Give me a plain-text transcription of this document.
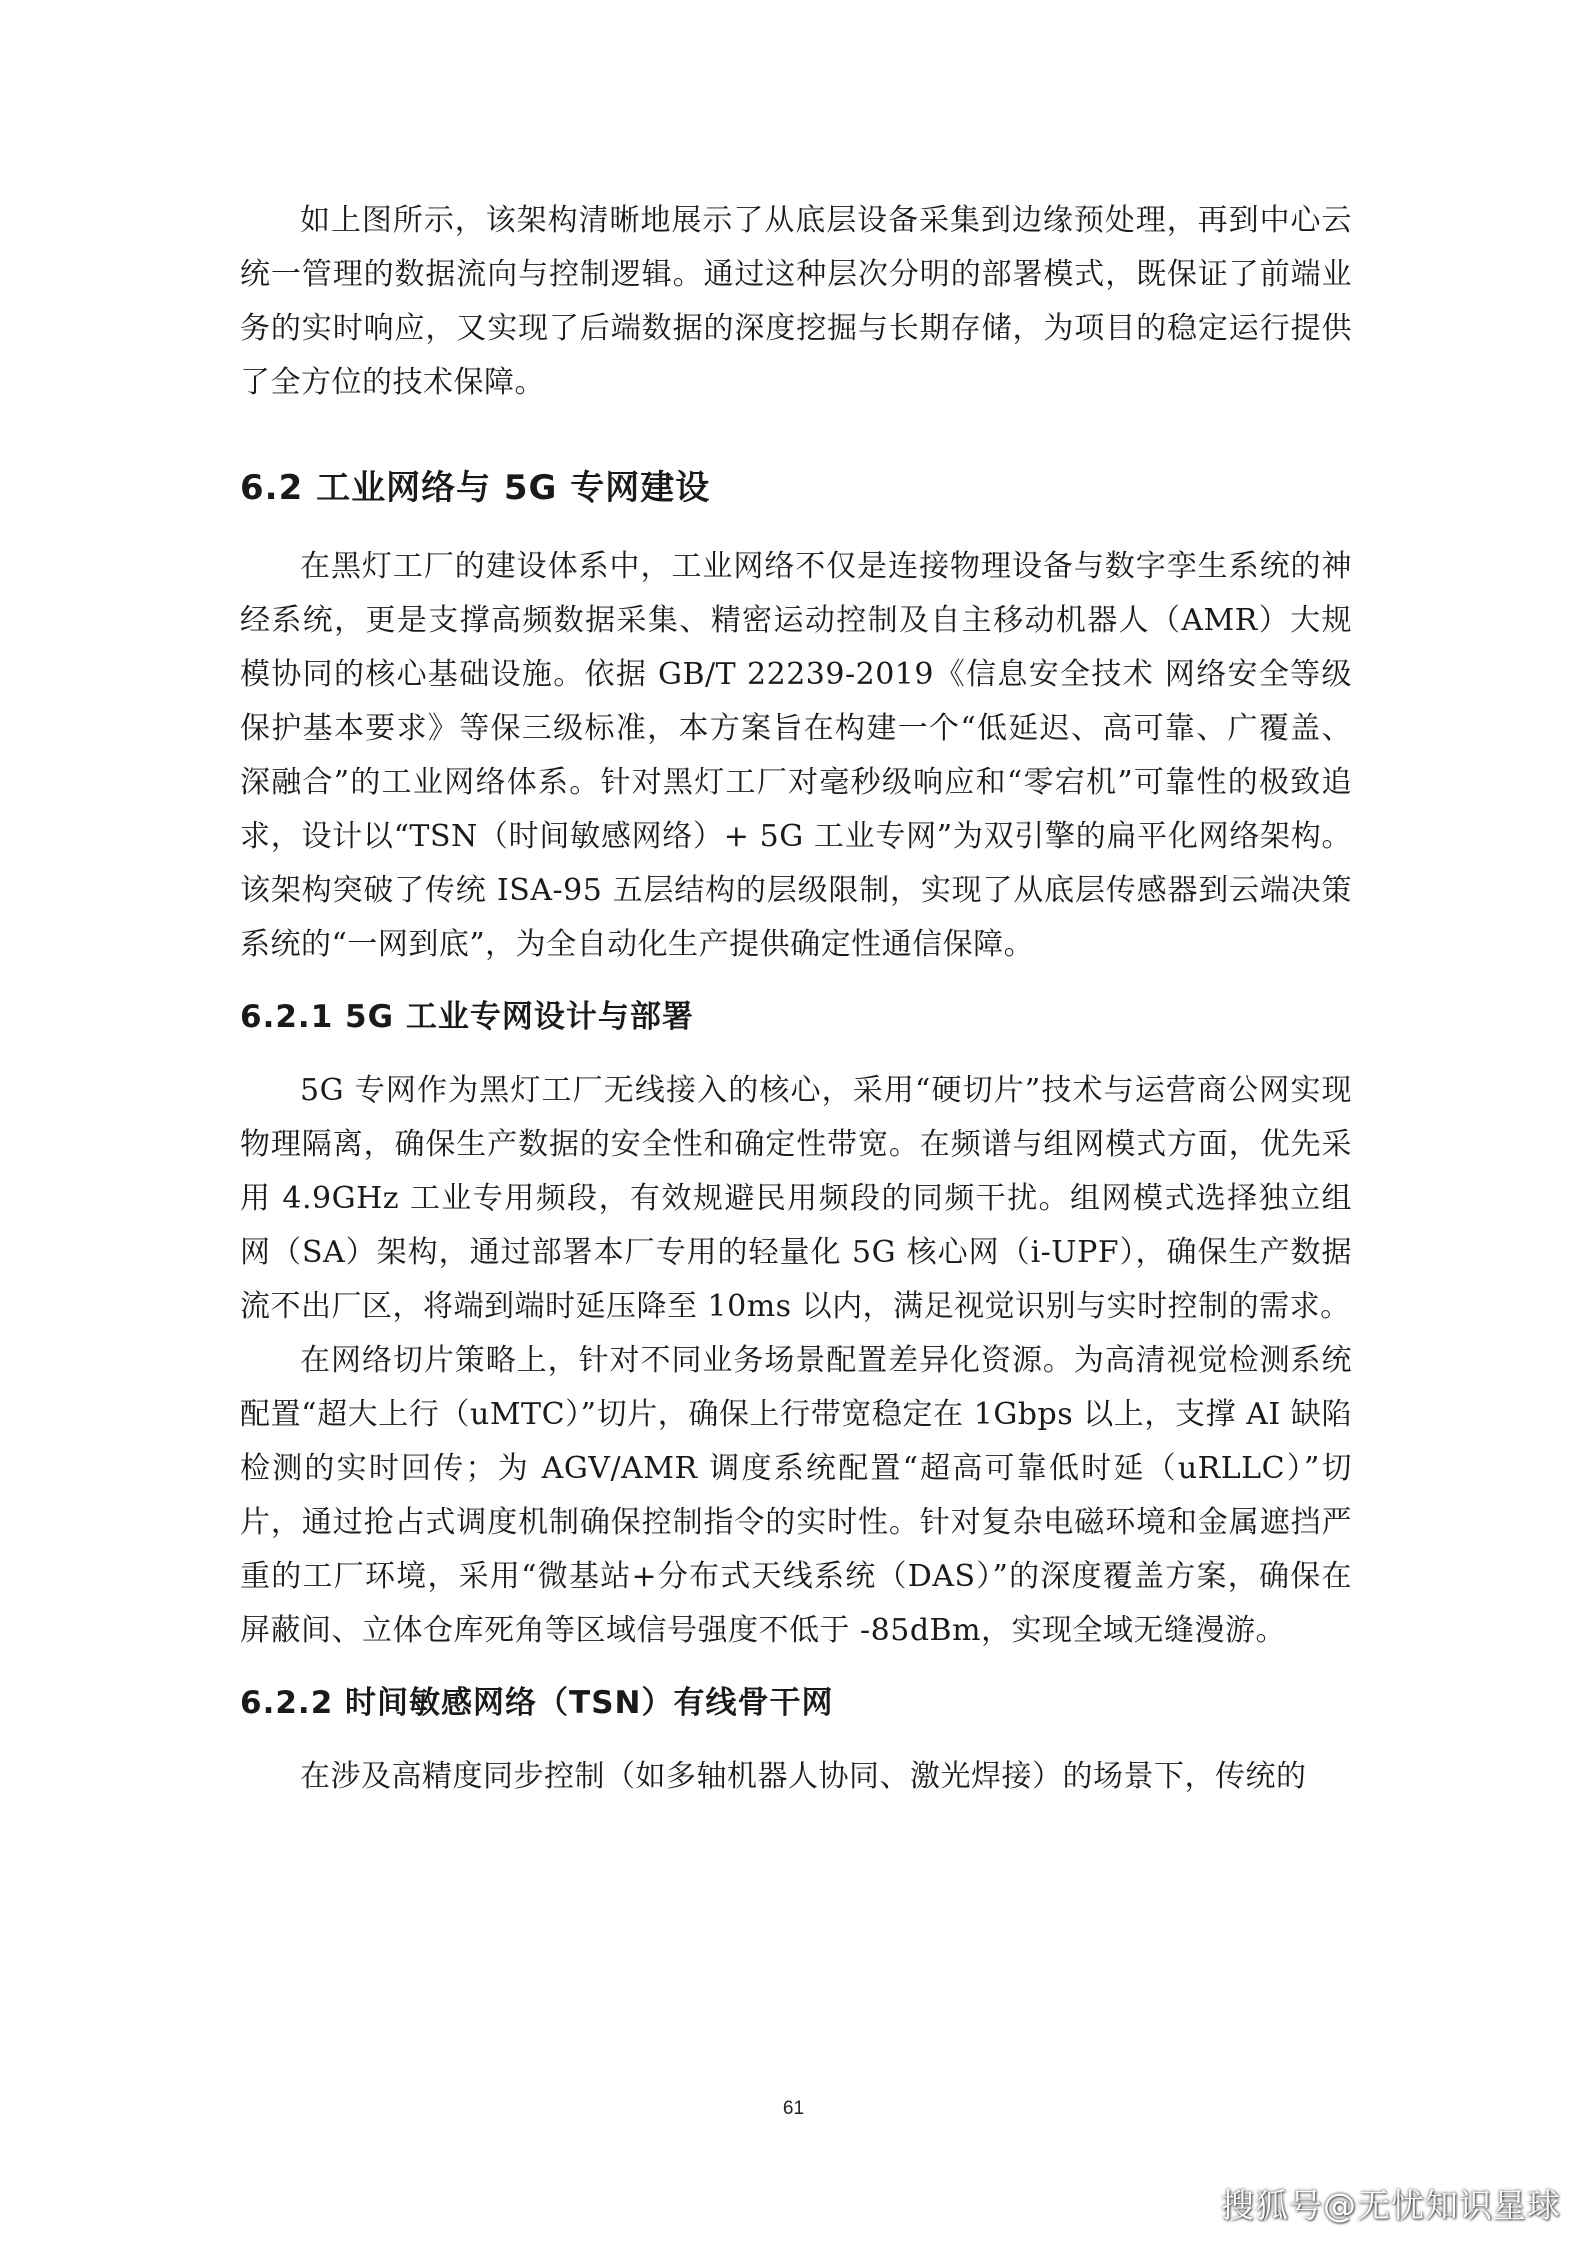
如上图所示，该架构清晰地展示了从底层设备采集到边缘预处理，再到中心云统一管理的数据流向与控制逻辑。通过这种层次分明的部署模式，既保证了前端业务的实时响应，又实现了后端数据的深度挖掘与长期存储，为项目的稳定运行提供了全方位的技术保障。

6.2 工业网络与 5G 专网建设

在黑灯工厂的建设体系中，工业网络不仅是连接物理设备与数字孪生系统的神经系统，更是支撑高频数据采集、精密运动控制及自主移动机器人（AMR）大规模协同的核心基础设施。依据 GB/T 22239-2019《信息安全技术 网络安全等级保护基本要求》等保三级标准，本方案旨在构建一个“低延迟、高可靠、广覆盖、深融合”的工业网络体系。针对黑灯工厂对毫秒级响应和“零宕机”可靠性的极致追求，设计以“TSN（时间敏感网络）+ 5G 工业专网”为双引擎的扁平化网络架构。该架构突破了传统 ISA-95 五层结构的层级限制，实现了从底层传感器到云端决策系统的“一网到底”，为全自动化生产提供确定性通信保障。

6.2.1 5G 工业专网设计与部署

5G 专网作为黑灯工厂无线接入的核心，采用“硬切片”技术与运营商公网实现物理隔离，确保生产数据的安全性和确定性带宽。在频谱与组网模式方面，优先采用 4.9GHz 工业专用频段，有效规避民用频段的同频干扰。组网模式选择独立组网（SA）架构，通过部署本厂专用的轻量化 5G 核心网（i-UPF），确保生产数据流不出厂区，将端到端时延压降至 10ms 以内，满足视觉识别与实时控制的需求。

在网络切片策略上，针对不同业务场景配置差异化资源。为高清视觉检测系统配置“超大上行（uMTC）”切片，确保上行带宽稳定在 1Gbps 以上，支撑 AI 缺陷检测的实时回传；为 AGV/AMR 调度系统配置“超高可靠低时延（uRLLC）”切片，通过抢占式调度机制确保控制指令的实时性。针对复杂电磁环境和金属遮挡严重的工厂环境，采用“微基站+分布式天线系统（DAS）”的深度覆盖方案，确保在屏蔽间、立体仓库死角等区域信号强度不低于 -85dBm，实现全域无缝漫游。

6.2.2 时间敏感网络（TSN）有线骨干网

在涉及高精度同步控制（如多轴机器人协同、激光焊接）的场景下，传统的

61
搜狐号@无忧知识星球
